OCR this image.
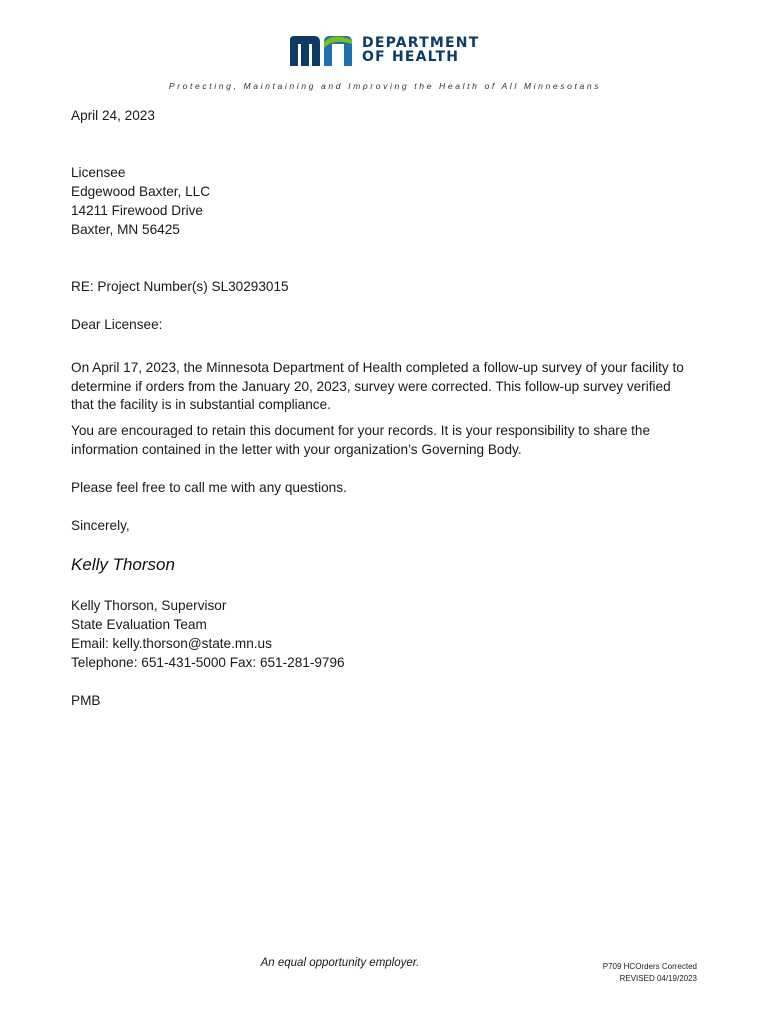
DEPARTMENT
OF HEALTH
Protecting, Maintaining and Improving the Health of All Minnesotans
April 24, 2023
Licensee
Edgewood Baxter, LLC
14211 Firewood Drive
Baxter, MN 56425
RE: Project Number(s) SL30293015
Dear Licensee:
On April 17, 2023, the Minnesota Department of Health completed a follow-up survey of your facility to determine if orders from the January 20, 2023, survey were corrected. This follow-up survey verified that the facility is in substantial compliance.
You are encouraged to retain this document for your records. It is your responsibility to share the information contained in the letter with your organization’s Governing Body.
Please feel free to call me with any questions.
Sincerely,
Kelly Thorson
Kelly Thorson, Supervisor
State Evaluation Team
Email: kelly.thorson@state.mn.us
Telephone: 651-431-5000 Fax: 651-281-9796
PMB
An equal opportunity employer.	P709 HCOrders Corrected
REVISED 04/19/2023
